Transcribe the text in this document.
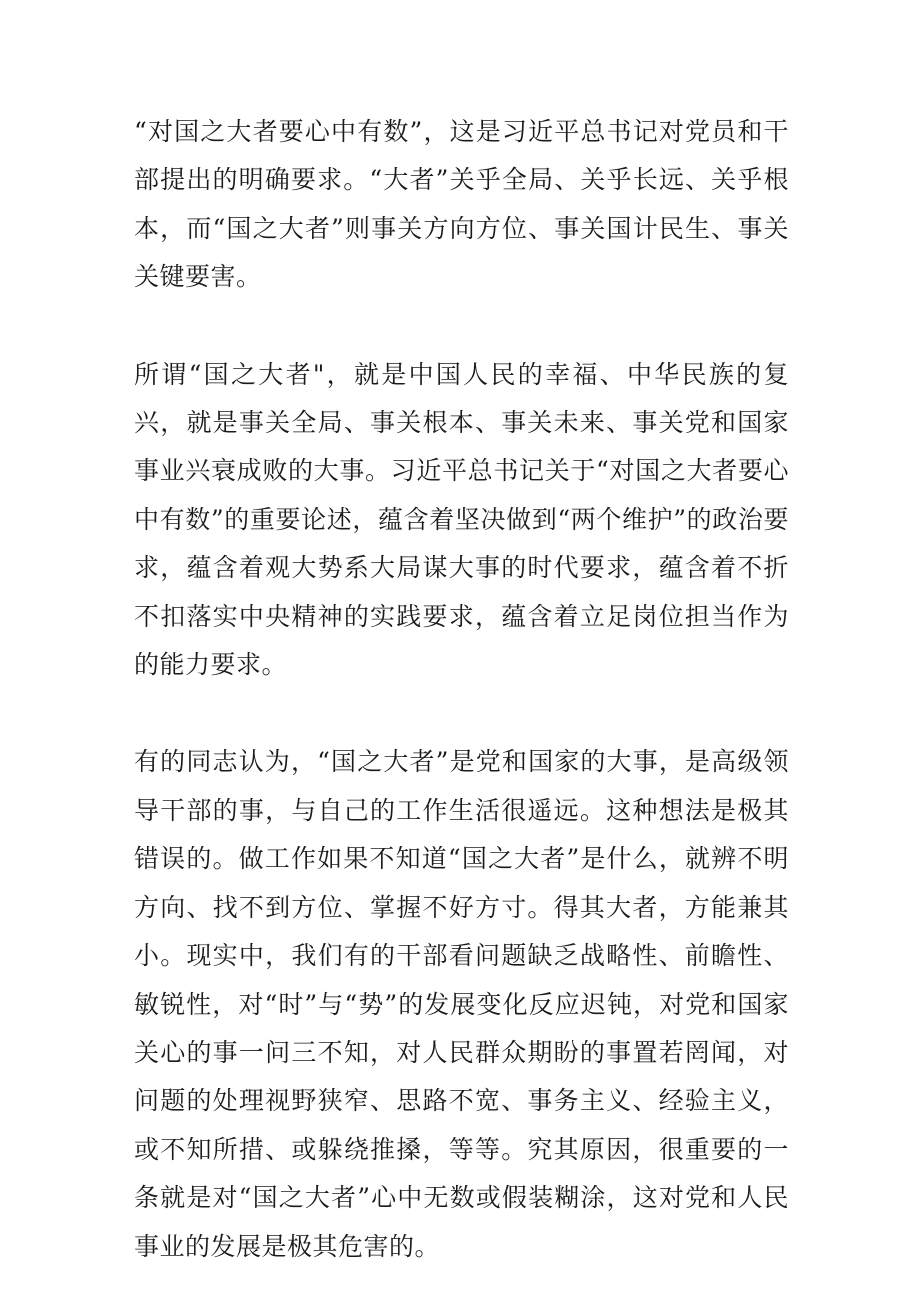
“对国之大者要心中有数”，这是习近平总书记对党员和干部提出的明确要求。“大者”关乎全局、关乎长远、关乎根本，而“国之大者”则事关方向方位、事关国计民生、事关关键要害。

所谓“国之大者"，就是中国人民的幸福、中华民族的复兴，就是事关全局、事关根本、事关未来、事关党和国家事业兴衰成败的大事。习近平总书记关于“对国之大者要心中有数”的重要论述，蕴含着坚决做到“两个维护”的政治要求，蕴含着观大势系大局谋大事的时代要求，蕴含着不折不扣落实中央精神的实践要求，蕴含着立足岗位担当作为的能力要求。

有的同志认为，“国之大者”是党和国家的大事，是高级领导干部的事，与自己的工作生活很遥远。这种想法是极其错误的。做工作如果不知道“国之大者”是什么，就辨不明方向、找不到方位、掌握不好方寸。得其大者，方能兼其小。现实中，我们有的干部看问题缺乏战略性、前瞻性、敏锐性，对“时”与“势”的发展变化反应迟钝，对党和国家关心的事一问三不知，对人民群众期盼的事置若罔闻，对问题的处理视野狭窄、思路不宽、事务主义、经验主义，或不知所措、或躲绕推搡，等等。究其原因，很重要的一条就是对“国之大者”心中无数或假装糊涂，这对党和人民事业的发展是极其危害的。
